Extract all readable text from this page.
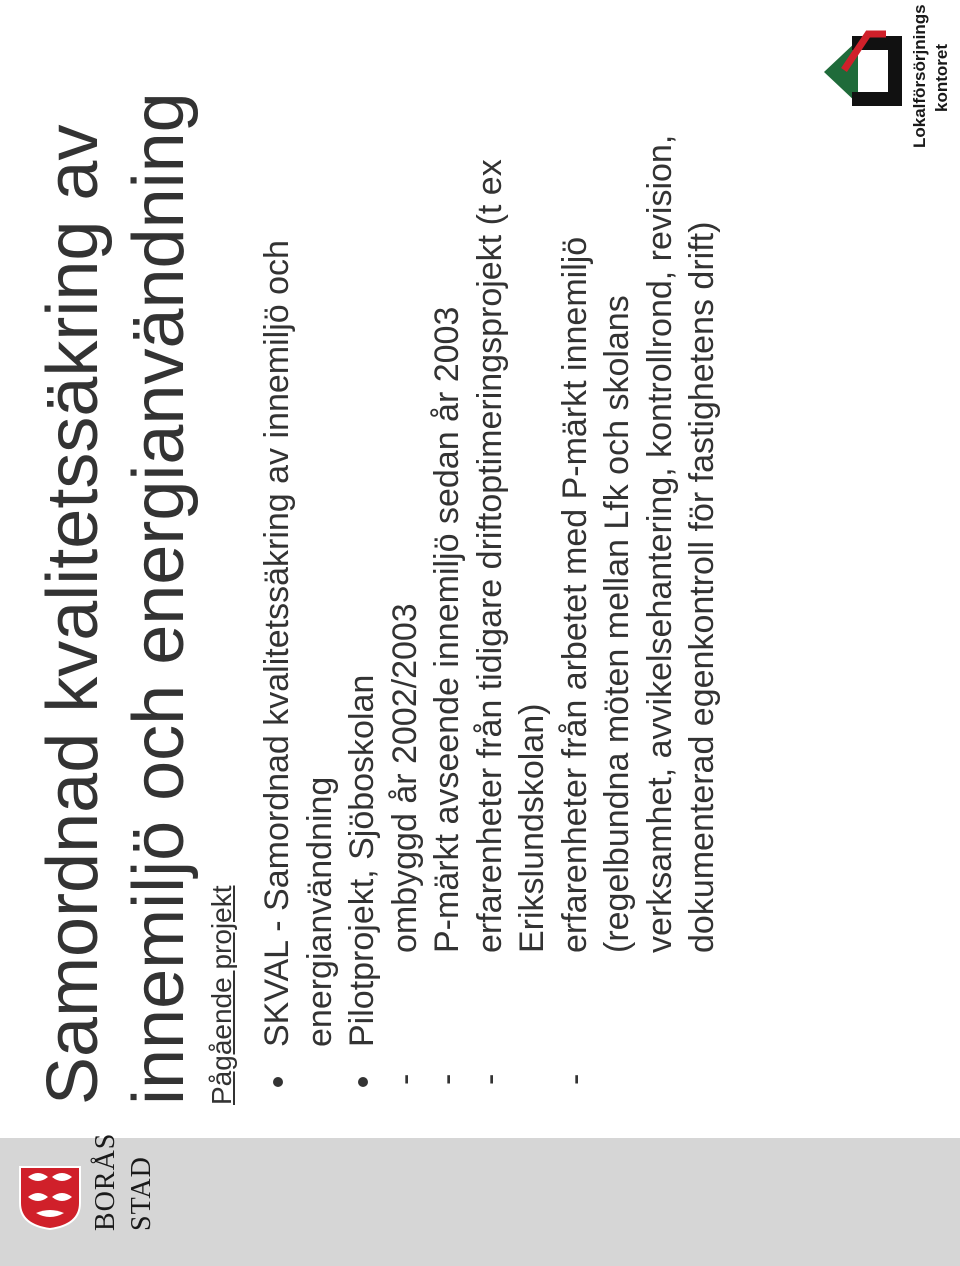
BORÅS STAD
Samordnad kvalitetssäkring av innemiljö och energianvändning Pågående projekt SKVAL - Samordnad kvalitetssäkring av innemiljö och energianvändning Pilotprojekt, Sjöboskolan
-
ombyggd år 2002/2003
-
P-märkt avseende innemiljö sedan år 2003
-
erfarenheter från tidigare driftoptimeringsprojekt (t ex Erikslundskolan)
-
erfarenheter från arbetet med P-märkt innemiljö (regelbundna möten mellan Lfk och skolans verksamhet, avvikelsehantering, kontrollrond, revision, dokumenterad egenkontroll för fastighetens drift)
Lokalförsörjnings kontoret
